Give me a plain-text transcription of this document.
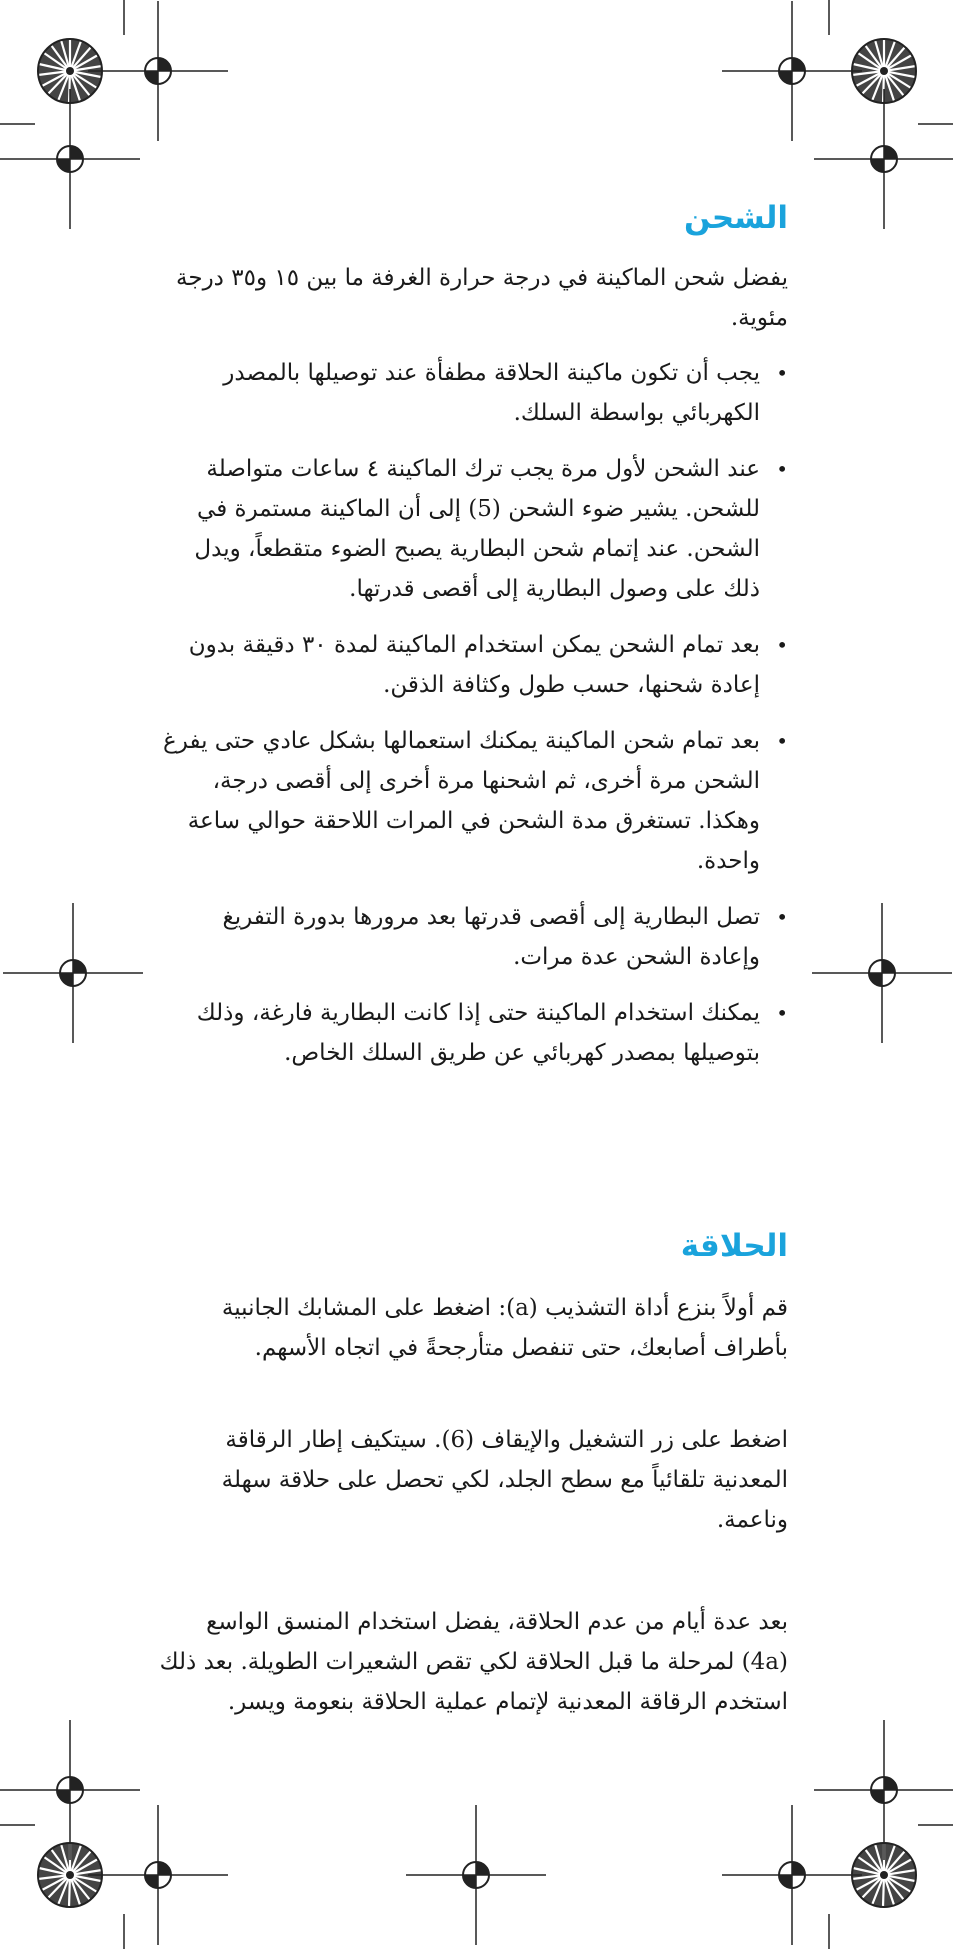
الشحن

يفضل شحن الماكينة في درجة حرارة الغرفة ما بين ١٥ و٣٥ درجة مئوية.

• يجب أن تكون ماكينة الحلاقة مطفأة عند توصيلها بالمصدر الكهربائي بواسطة السلك.
• عند الشحن لأول مرة يجب ترك الماكينة ٤ ساعات متواصلة للشحن. يشير ضوء الشحن (5) إلى أن الماكينة مستمرة في الشحن. عند إتمام شحن البطارية يصبح الضوء متقطعاً، ويدل ذلك على وصول البطارية إلى أقصى قدرتها.
• بعد تمام الشحن يمكن استخدام الماكينة لمدة ٣٠ دقيقة بدون إعادة شحنها، حسب طول وكثافة الذقن.
• بعد تمام شحن الماكينة يمكنك استعمالها بشكل عادي حتى يفرغ الشحن مرة أخرى، ثم اشحنها مرة أخرى إلى أقصى درجة، وهكذا. تستغرق مدة الشحن في المرات اللاحقة حوالي ساعة واحدة.
• تصل البطارية إلى أقصى قدرتها بعد مرورها بدورة التفريغ وإعادة الشحن عدة مرات.
• يمكنك استخدام الماكينة حتى إذا كانت البطارية فارغة، وذلك بتوصيلها بمصدر كهربائي عن طريق السلك الخاص.
الحلاقة

قم أولاً بنزع أداة التشذيب (a): اضغط على المشابك الجانبية بأطراف أصابعك، حتى تنفصل متأرجحةً في اتجاه الأسهم.

اضغط على زر التشغيل والإيقاف (6). سيتكيف إطار الرقاقة المعدنية تلقائياً مع سطح الجلد، لكي تحصل على حلاقة سهلة وناعمة.

بعد عدة أيام من عدم الحلاقة، يفضل استخدام المنسق الواسع (4a) لمرحلة ما قبل الحلاقة لكي تقص الشعيرات الطويلة. بعد ذلك استخدم الرقاقة المعدنية لإتمام عملية الحلاقة بنعومة ويسر.
